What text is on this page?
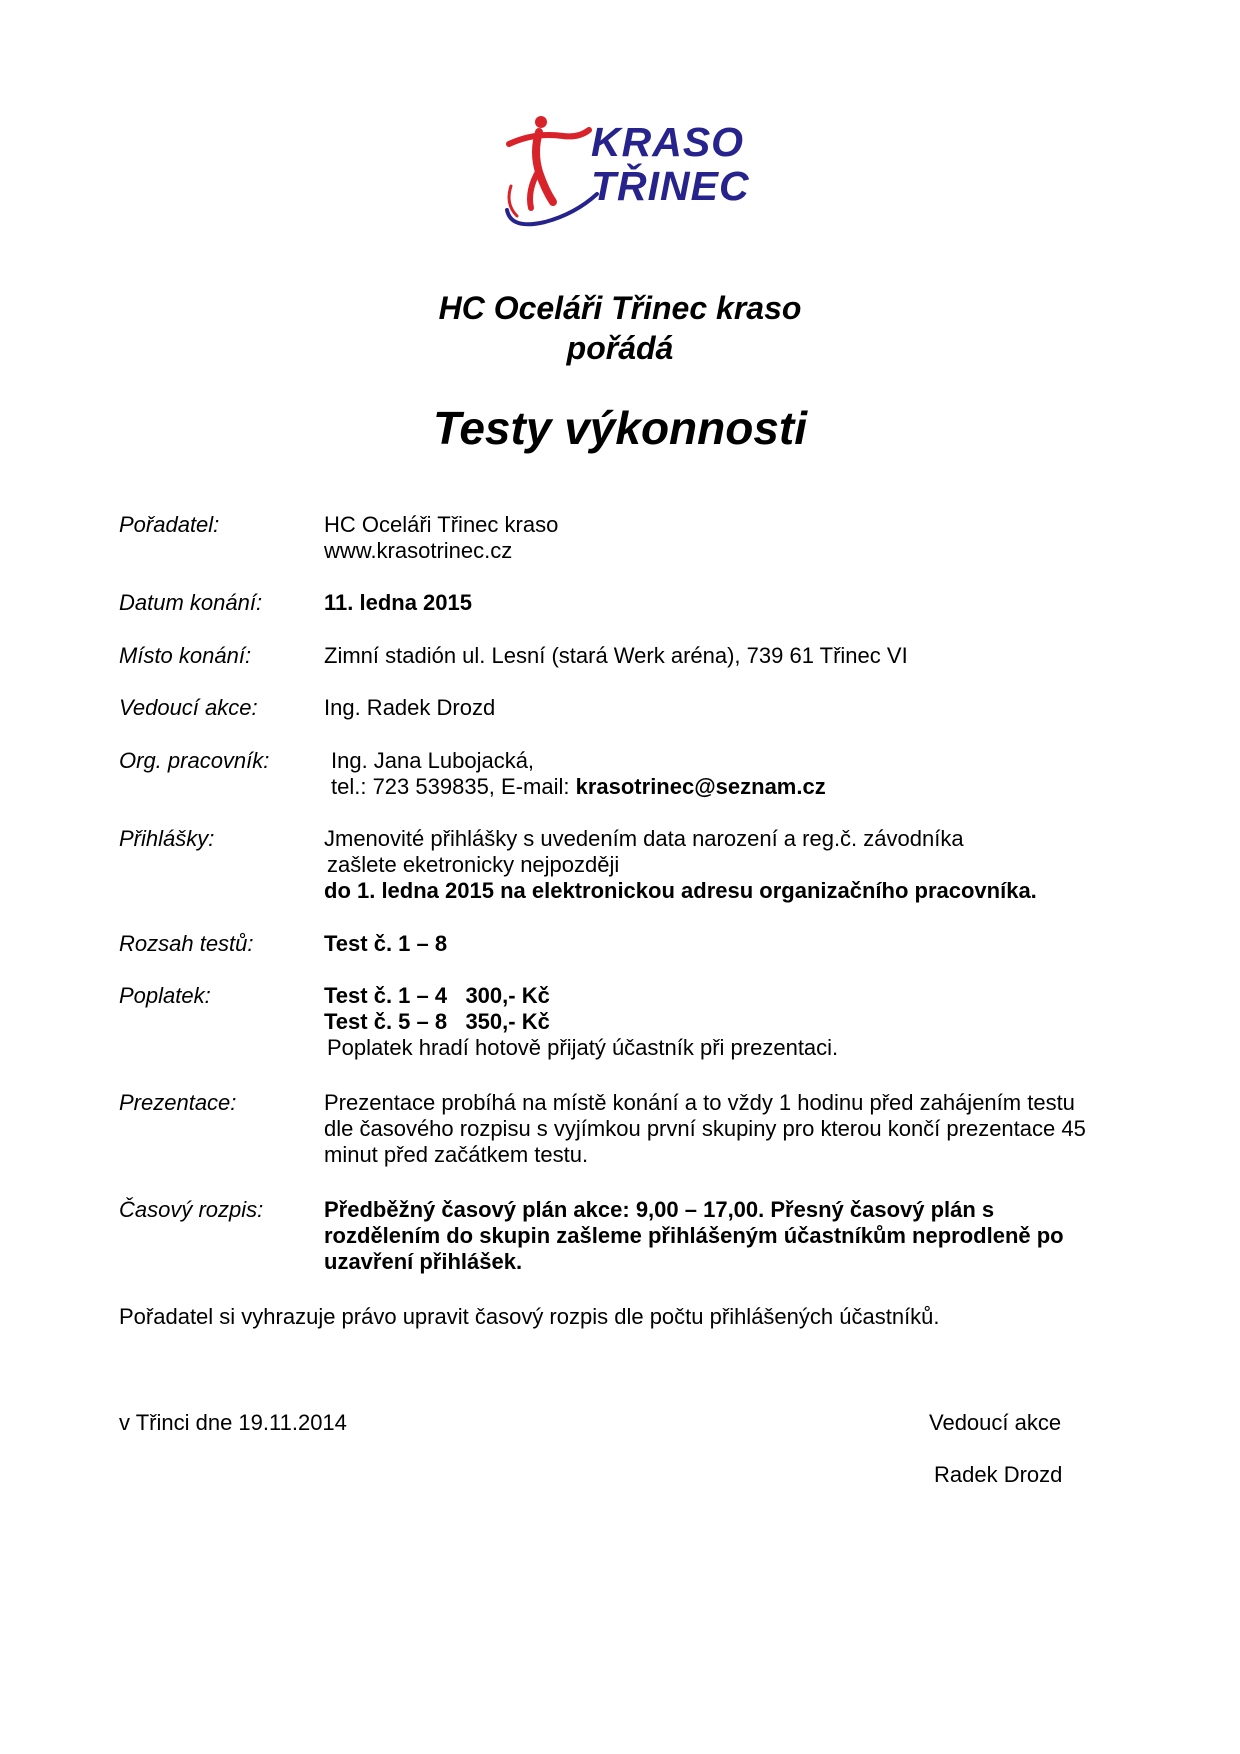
KRASO
TŘINEC
HC Oceláři Třinec kraso
pořádá
Testy výkonnosti
Pořadatel:	HC Oceláři Třinec kraso
www.krasotrinec.cz
Datum konání:	11. ledna 2015
Místo konání:	Zimní stadión ul. Lesní (stará Werk aréna), 739 61 Třinec VI
Vedoucí akce:	Ing. Radek Drozd
Org. pracovník:	Ing. Jana Lubojacká,
tel.: 723 539835, E-mail: krasotrinec@seznam.cz
Přihlášky:	Jmenovité přihlášky s uvedením data narození a reg.č. závodníka
zašlete eketronicky nejpozději
do 1. ledna 2015 na elektronickou adresu organizačního pracovníka.
Rozsah testů:	Test č. 1 – 8
Poplatek:	Test č. 1 – 4   300,- Kč
Test č. 5 – 8   350,- Kč
Poplatek hradí hotově přijatý účastník při prezentaci.
Prezentace:	Prezentace probíhá na místě konání a to vždy 1 hodinu před zahájením testu
dle časového rozpisu s vyjímkou první skupiny pro kterou končí prezentace 45
minut před začátkem testu.
Časový rozpis:	Předběžný časový plán akce: 9,00 – 17,00. Přesný časový plán s
rozdělením do skupin zašleme přihlášeným účastníkům neprodleně po
uzavření přihlášek.
Pořadatel si vyhrazuje právo upravit časový rozpis dle počtu přihlášených účastníků.
v Třinci dne 19.11.2014	Vedoucí akce
Radek Drozd
